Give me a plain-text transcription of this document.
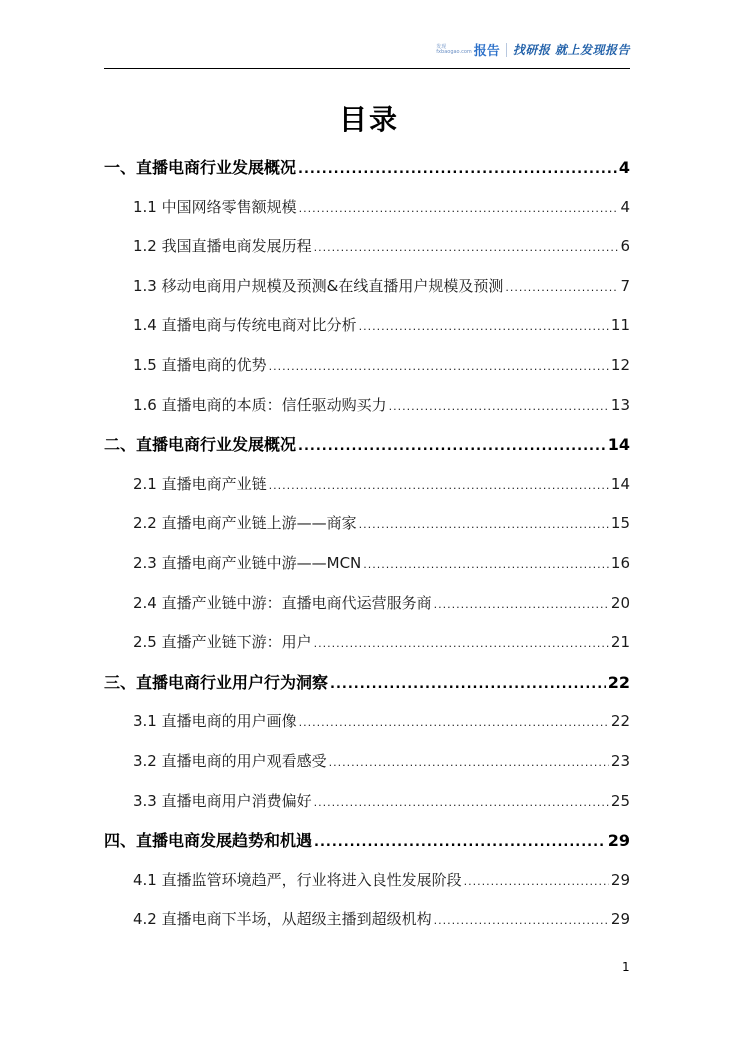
发现
fxbaogao.com 报告 找研报 就上发现报告
目录
一、直播电商行业发展概况 .....	4
1.1 中国网络零售额规模 .....	4
1.2 我国直播电商发展历程 .....	6
1.3 移动电商用户规模及预测&在线直播用户规模及预测 .....	7
1.4 直播电商与传统电商对比分析 .....	11
1.5 直播电商的优势 .....	12
1.6 直播电商的本质：信任驱动购买力 .....	13
二、直播电商行业发展概况 .....	14
2.1 直播电商产业链 .....	14
2.2 直播电商产业链上游——商家 .....	15
2.3 直播电商产业链中游——MCN .....	16
2.4 直播产业链中游：直播电商代运营服务商 .....	20
2.5 直播产业链下游：用户 .....	21
三、直播电商行业用户行为洞察 .....	22
3.1 直播电商的用户画像 .....	22
3.2 直播电商的用户观看感受 .....	23
3.3 直播电商用户消费偏好 .....	25
四、直播电商发展趋势和机遇 .....	29
4.1 直播监管环境趋严，行业将进入良性发展阶段 .....	29
4.2 直播电商下半场，从超级主播到超级机构 .....	29
1
